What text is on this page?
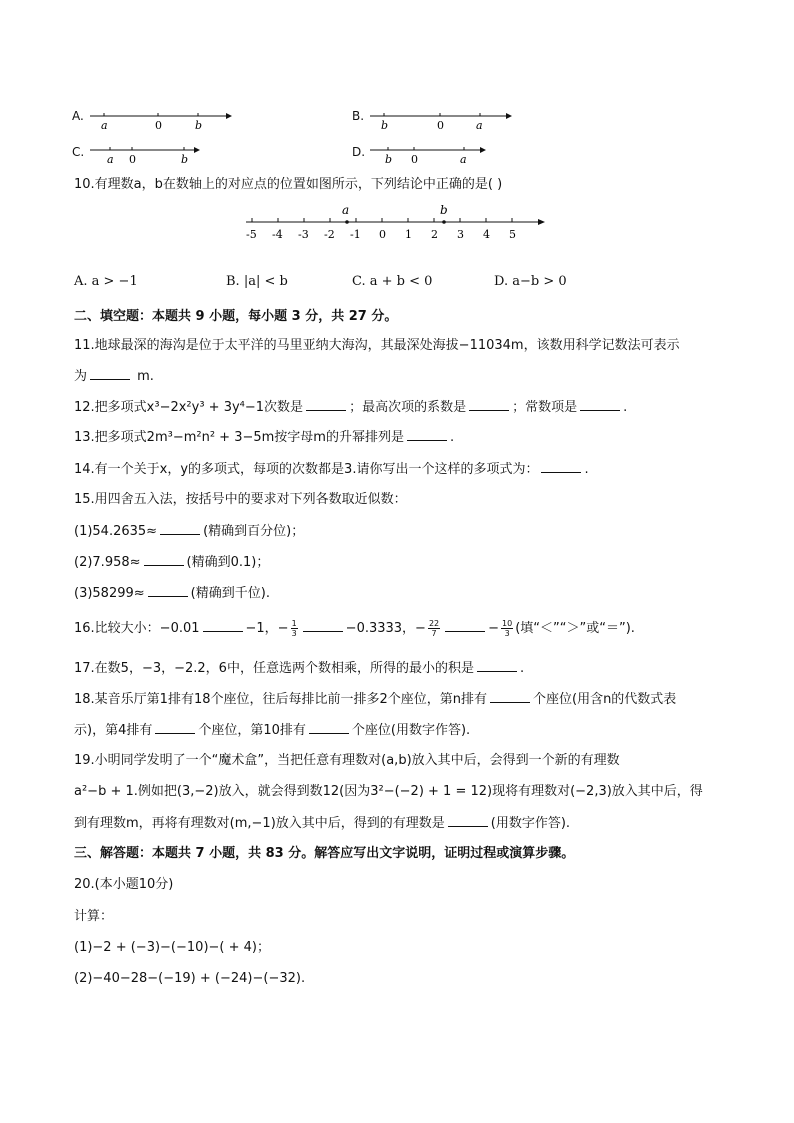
A.
a	0	b
B.
b	0	a
C.
a 0	b
D.
b 0	a
10.有理数a，b在数轴上的对应点的位置如图所示，下列结论中正确的是( )
a	b
-5 -4 -3 -2 -1 0 1 2 3 4 5
A. a > −1	B. |a| < b	C. a + b < 0	D. a−b > 0
二、填空题：本题共 9 小题，每小题 3 分，共 27 分。
11.地球最深的海沟是位于太平洋的马里亚纳大海沟，其最深处海拔−11034m，该数用科学记数法可表示
为	m.
12.把多项式x³−2x²y³ + 3y⁴−1次数是	；最高次项的系数是	；常数项是	.
13.把多项式2m³−m²n² + 3−5m按字母m的升幂排列是	.
14.有一个关于x，y的多项式，每项的次数都是3.请你写出一个这样的多项式为：	.
15.用四舍五入法，按括号中的要求对下列各数取近似数：
(1)54.2635≈	(精确到百分位)；
(2)7.958≈	(精确到0.1)；
(3)58299≈	(精确到千位).
16.比较大小：−0.01	−1，− $\frac{1}{3}$	−0.3333，− $\frac{22}{7}$	− $\frac{10}{3}$ (填“＜”“＞”或“＝”).
17.在数5，−3，−2.2，6中，任意选两个数相乘，所得的最小的积是	.
18.某音乐厅第1排有18个座位，往后每排比前一排多2个座位，第n排有	个座位(用含n的代数式表
示)，第4排有	个座位，第10排有	个座位(用数字作答).
19.小明同学发明了一个“魔术盒”，当把任意有理数对(a,b)放入其中后，会得到一个新的有理数
a²−b + 1.例如把(3,−2)放入，就会得到数12(因为3²−(−2) + 1 = 12)现将有理数对(−2,3)放入其中后，得
到有理数m，再将有理数对(m,−1)放入其中后，得到的有理数是	(用数字作答).
三、解答题：本题共 7 小题，共 83 分。解答应写出文字说明，证明过程或演算步骤。
20.(本小题10分)
计算：
(1)−2 + (−3)−(−10)−( + 4)；
(2)−40−28−(−19) + (−24)−(−32).
